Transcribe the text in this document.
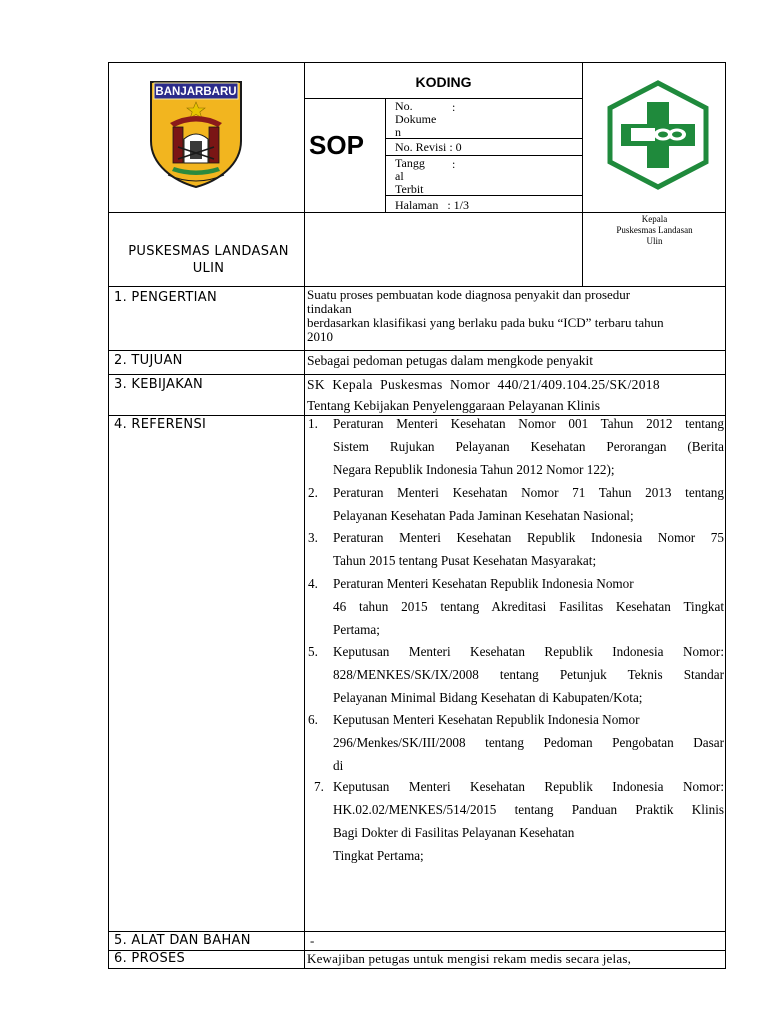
BANJARBARU
KODING
SOP
No.
Dokume
n
:
No. Revisi : 0
Tangg
al
Terbit
:
Halaman   : 1/3
PUSKESMAS LANDASAN ULIN
Kepala
Puskesmas Landasan
Ulin
1. PENGERTIAN
2. TUJUAN
3. KEBIJAKAN
4. REFERENSI
5. ALAT DAN BAHAN
6. PROSES
Suatu proses pembuatan kode diagnosa penyakit dan prosedur
tindakan
berdasarkan klasifikasi yang berlaku pada buku “ICD” terbaru tahun
2010
Sebagai pedoman petugas dalam mengkode penyakit
SK  Kepala  Puskesmas  Nomor  440/21/409.104.25/SK/2018
Tentang Kebijakan Penyelenggaraan Pelayanan Klinis
1. Peraturan Menteri Kesehatan Nomor 001 Tahun 2012 tentang
Sistem Rujukan Pelayanan Kesehatan Perorangan (Berita
Negara Republik Indonesia Tahun 2012 Nomor 122);
2. Peraturan Menteri Kesehatan Nomor 71 Tahun 2013 tentang
Pelayanan Kesehatan Pada Jaminan Kesehatan Nasional;
3. Peraturan Menteri Kesehatan Republik Indonesia Nomor 75
Tahun 2015 tentang Pusat Kesehatan Masyarakat;
4. Peraturan Menteri Kesehatan Republik Indonesia Nomor
46 tahun 2015 tentang Akreditasi Fasilitas Kesehatan Tingkat
Pertama;
5. Keputusan Menteri Kesehatan Republik Indonesia Nomor:
828/MENKES/SK/IX/2008 tentang Petunjuk Teknis Standar
Pelayanan Minimal Bidang Kesehatan di Kabupaten/Kota;
6. Keputusan Menteri Kesehatan Republik Indonesia Nomor
296/Menkes/SK/III/2008 tentang Pedoman Pengobatan Dasar
di
7. Keputusan Menteri Kesehatan Republik Indonesia Nomor:
HK.02.02/MENKES/514/2015 tentang Panduan Praktik Klinis
Bagi Dokter di Fasilitas Pelayanan Kesehatan
Tingkat Pertama;
-
Kewajiban petugas untuk mengisi rekam medis secara jelas,
